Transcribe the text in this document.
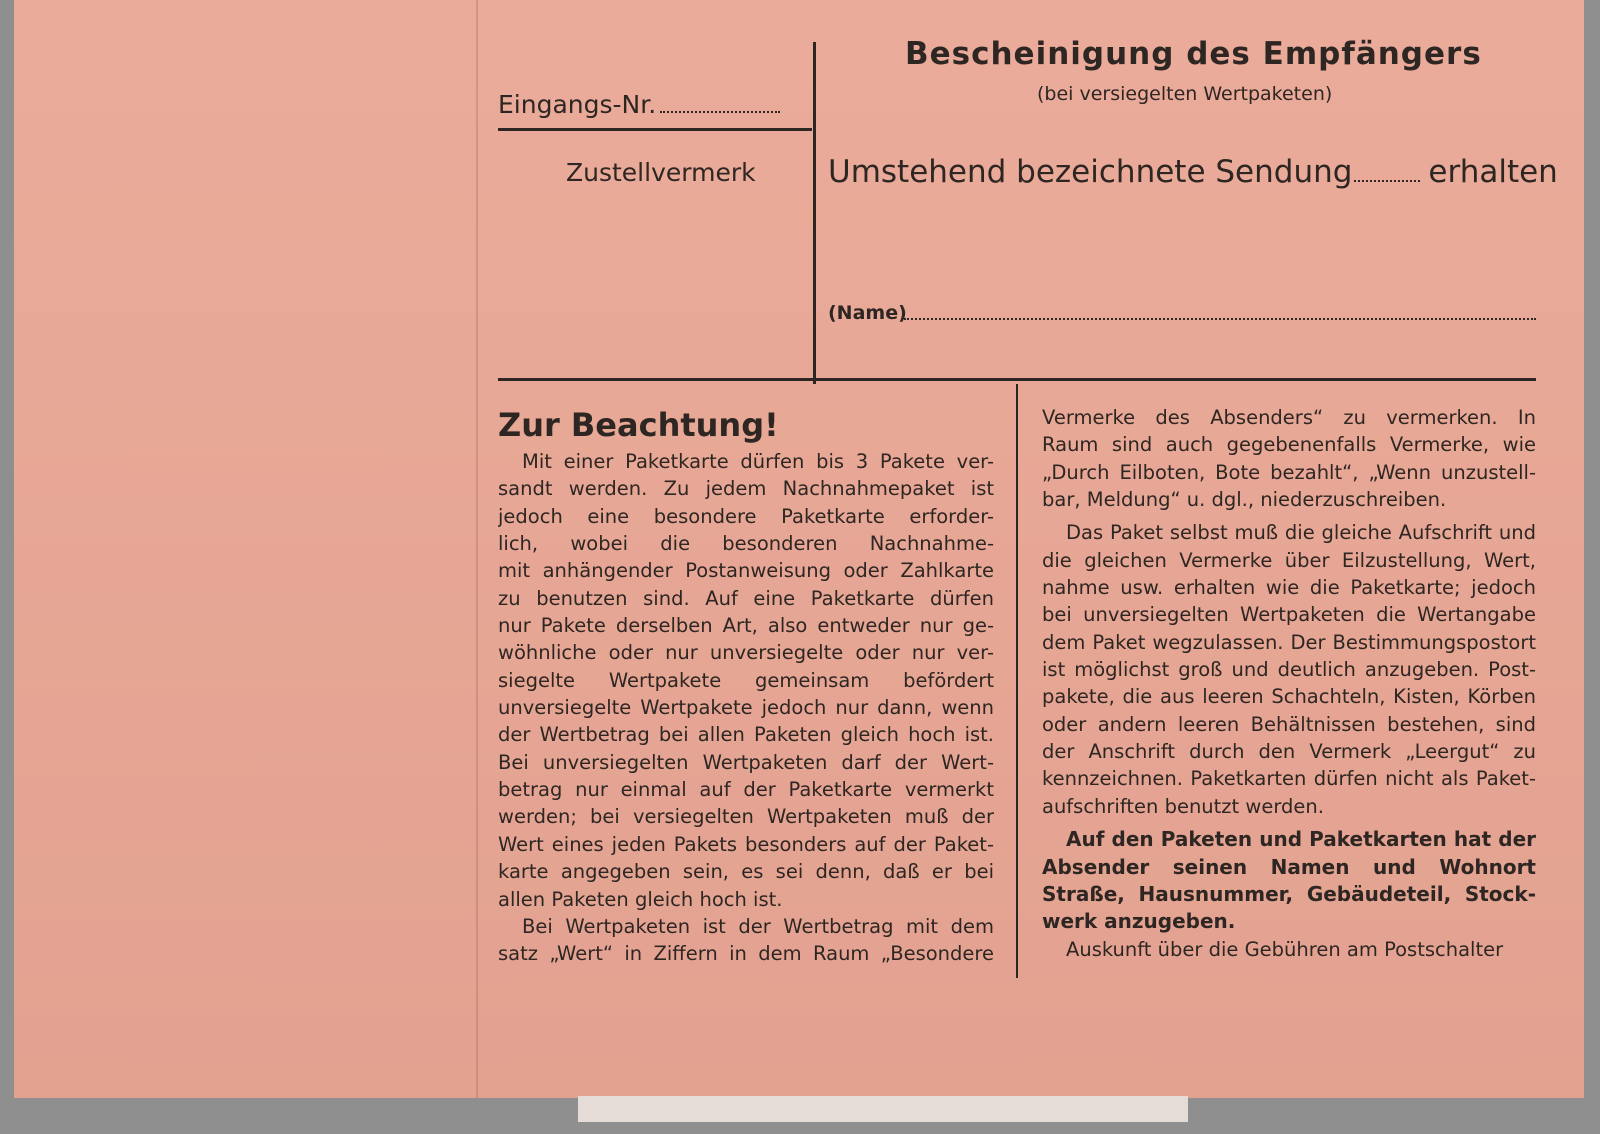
Eingangs-Nr.
Zustellvermerk
Bescheinigung des Empfängers
(bei versiegelten Wertpaketen)
Umstehend bezeichnete Sendung erhalten
(Name)
Zur Beachtung!
Mit einer Paketkarte dürfen bis 3 Pakete ver-
sandt werden. Zu jedem Nachnahmepaket ist
jedoch eine besondere Paketkarte erforder-
lich, wobei die besonderen Nachnahme-
mit anhängender Postanweisung oder Zahlkarte
zu benutzen sind. Auf eine Paketkarte dürfen
nur Pakete derselben Art, also entweder nur ge-
wöhnliche oder nur unversiegelte oder nur ver-
siegelte Wertpakete gemeinsam befördert
unversiegelte Wertpakete jedoch nur dann, wenn
der Wertbetrag bei allen Paketen gleich hoch ist.
Bei unversiegelten Wertpaketen darf der Wert-
betrag nur einmal auf der Paketkarte vermerkt
werden; bei versiegelten Wertpaketen muß der
Wert eines jeden Pakets besonders auf der Paket-
karte angegeben sein, es sei denn, daß er bei
allen Paketen gleich hoch ist.
Bei Wertpaketen ist der Wertbetrag mit dem
satz „Wert“ in Ziffern in dem Raum „Besondere
Vermerke des Absenders“ zu vermerken. In
Raum sind auch gegebenenfalls Vermerke, wie
„Durch Eilboten, Bote bezahlt“, „Wenn unzustell-
bar, Meldung“ u. dgl., niederzuschreiben.
Das Paket selbst muß die gleiche Aufschrift und
die gleichen Vermerke über Eilzustellung, Wert,
nahme usw. erhalten wie die Paketkarte; jedoch
bei unversiegelten Wertpaketen die Wertangabe
dem Paket wegzulassen. Der Bestimmungspostort
ist möglichst groß und deutlich anzugeben. Post-
pakete, die aus leeren Schachteln, Kisten, Körben
oder andern leeren Behältnissen bestehen, sind
der Anschrift durch den Vermerk „Leergut“ zu
kennzeichnen. Paketkarten dürfen nicht als Paket-
aufschriften benutzt werden.
Auf den Paketen und Paketkarten hat der
Absender seinen Namen und Wohnort
Straße, Hausnummer, Gebäudeteil, Stock-
werk anzugeben.
Auskunft über die Gebühren am Postschalter
